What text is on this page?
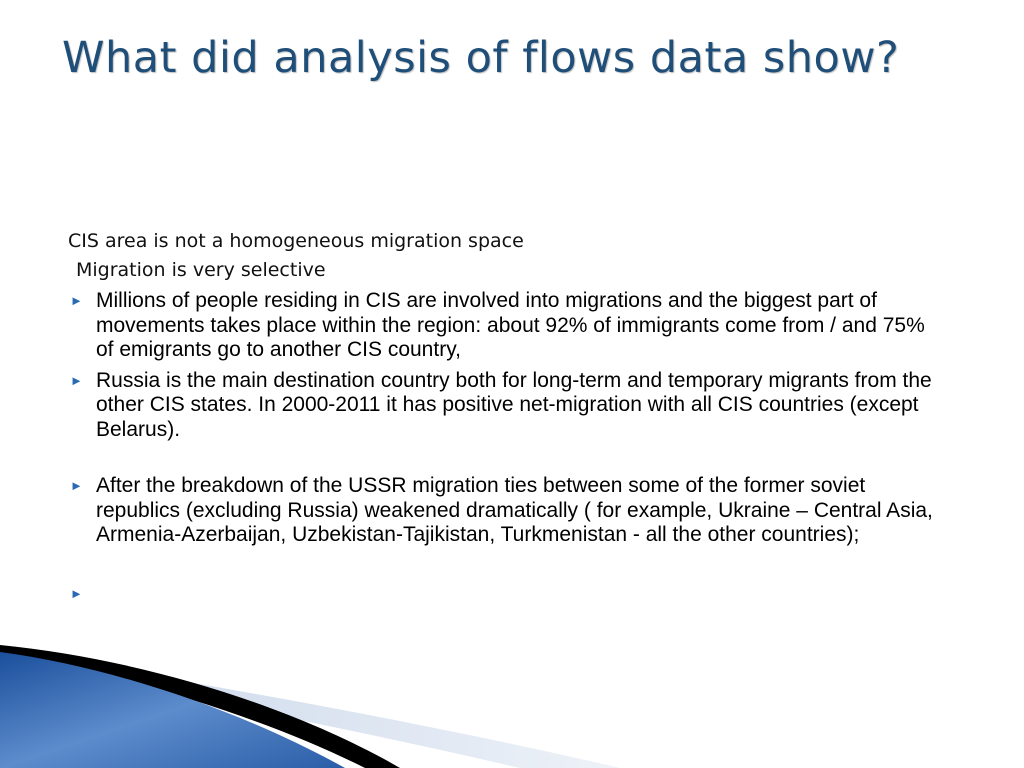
What did analysis of flows data show?

CIS area is not a homogeneous migration space

Migration is very selective

► Millions of people residing in CIS are involved into migrations and the biggest part of movements takes place within the region: about 92% of immigrants come from / and 75% of emigrants go to another CIS country,
► Russia is the main destination country both for long-term and temporary migrants from the other CIS states. In 2000-2011 it has positive net-migration with all CIS countries (except Belarus).
► After the breakdown of the USSR migration ties between some of the former soviet republics (excluding Russia) weakened dramatically ( for example, Ukraine – Central Asia, Armenia-Azerbaijan, Uzbekistan-Tajikistan, Turkmenistan - all the other countries);
►
